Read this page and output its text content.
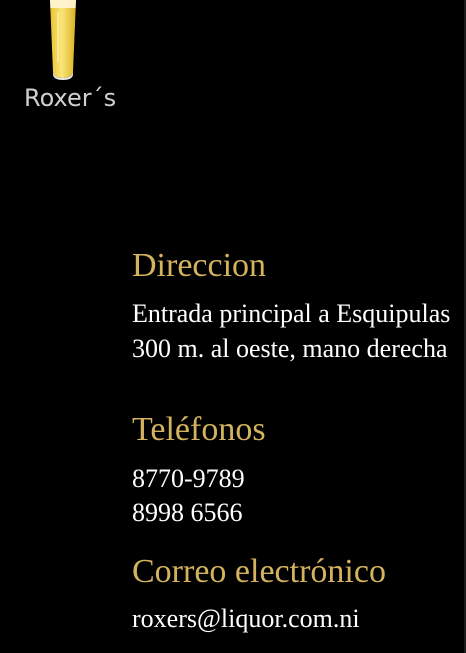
Roxer´s
Direccion
Entrada principal a Esquipulas
300 m. al oeste, mano derecha
Teléfonos
8770-9789
8998 6566
Correo electrónico
roxers@liquor.com.ni
